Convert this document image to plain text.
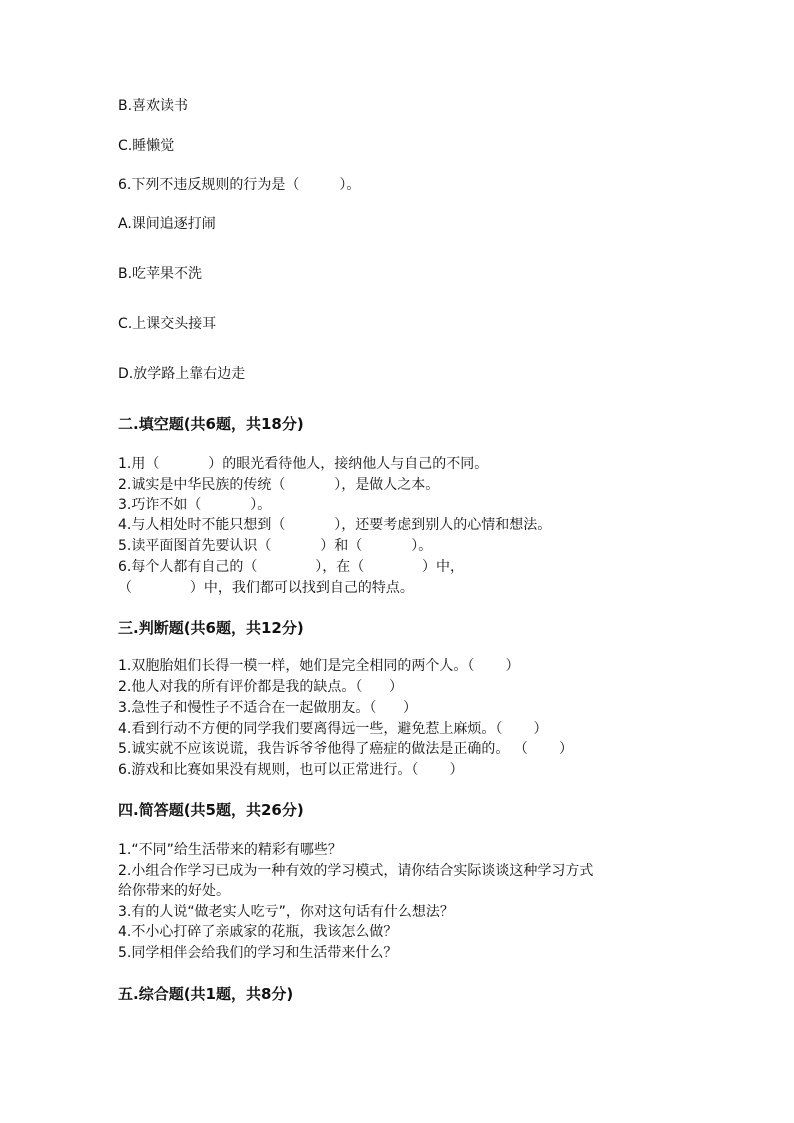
B.喜欢读书
C.睡懒觉
6.下列不违反规则的行为是（         ）。
A.课间追逐打闹
B.吃苹果不洗
C.上课交头接耳
D.放学路上靠右边走
二.填空题(共6题，共18分)
1.用（           ）的眼光看待他人，接纳他人与自己的不同。
2.诚实是中华民族的传统（           ），是做人之本。
3.巧诈不如（           ）。
4.与人相处时不能只想到（           ），还要考虑到别人的心情和想法。
5.读平面图首先要认识（           ）和（           ）。
6.每个人都有自己的（             ），在（             ）中，
（             ）中，我们都可以找到自己的特点。
三.判断题(共6题，共12分)
1.双胞胎姐们长得一模一样，她们是完全相同的两个人。（       ）
2.他人对我的所有评价都是我的缺点。（      ）
3.急性子和慢性子不适合在一起做朋友。（      ）
4.看到行动不方便的同学我们要离得远一些，避免惹上麻烦。（       ）
5.诚实就不应该说谎，我告诉爷爷他得了癌症的做法是正确的。 （       ）
6.游戏和比赛如果没有规则，也可以正常进行。（       ）
四.简答题(共5题，共26分)
1.“不同”给生活带来的精彩有哪些？
2.小组合作学习已成为一种有效的学习模式，请你结合实际谈谈这种学习方式
给你带来的好处。
3.有的人说“做老实人吃亏”，你对这句话有什么想法？
4.不小心打碎了亲戚家的花瓶，我该怎么做？
5.同学相伴会给我们的学习和生活带来什么？
五.综合题(共1题，共8分)
